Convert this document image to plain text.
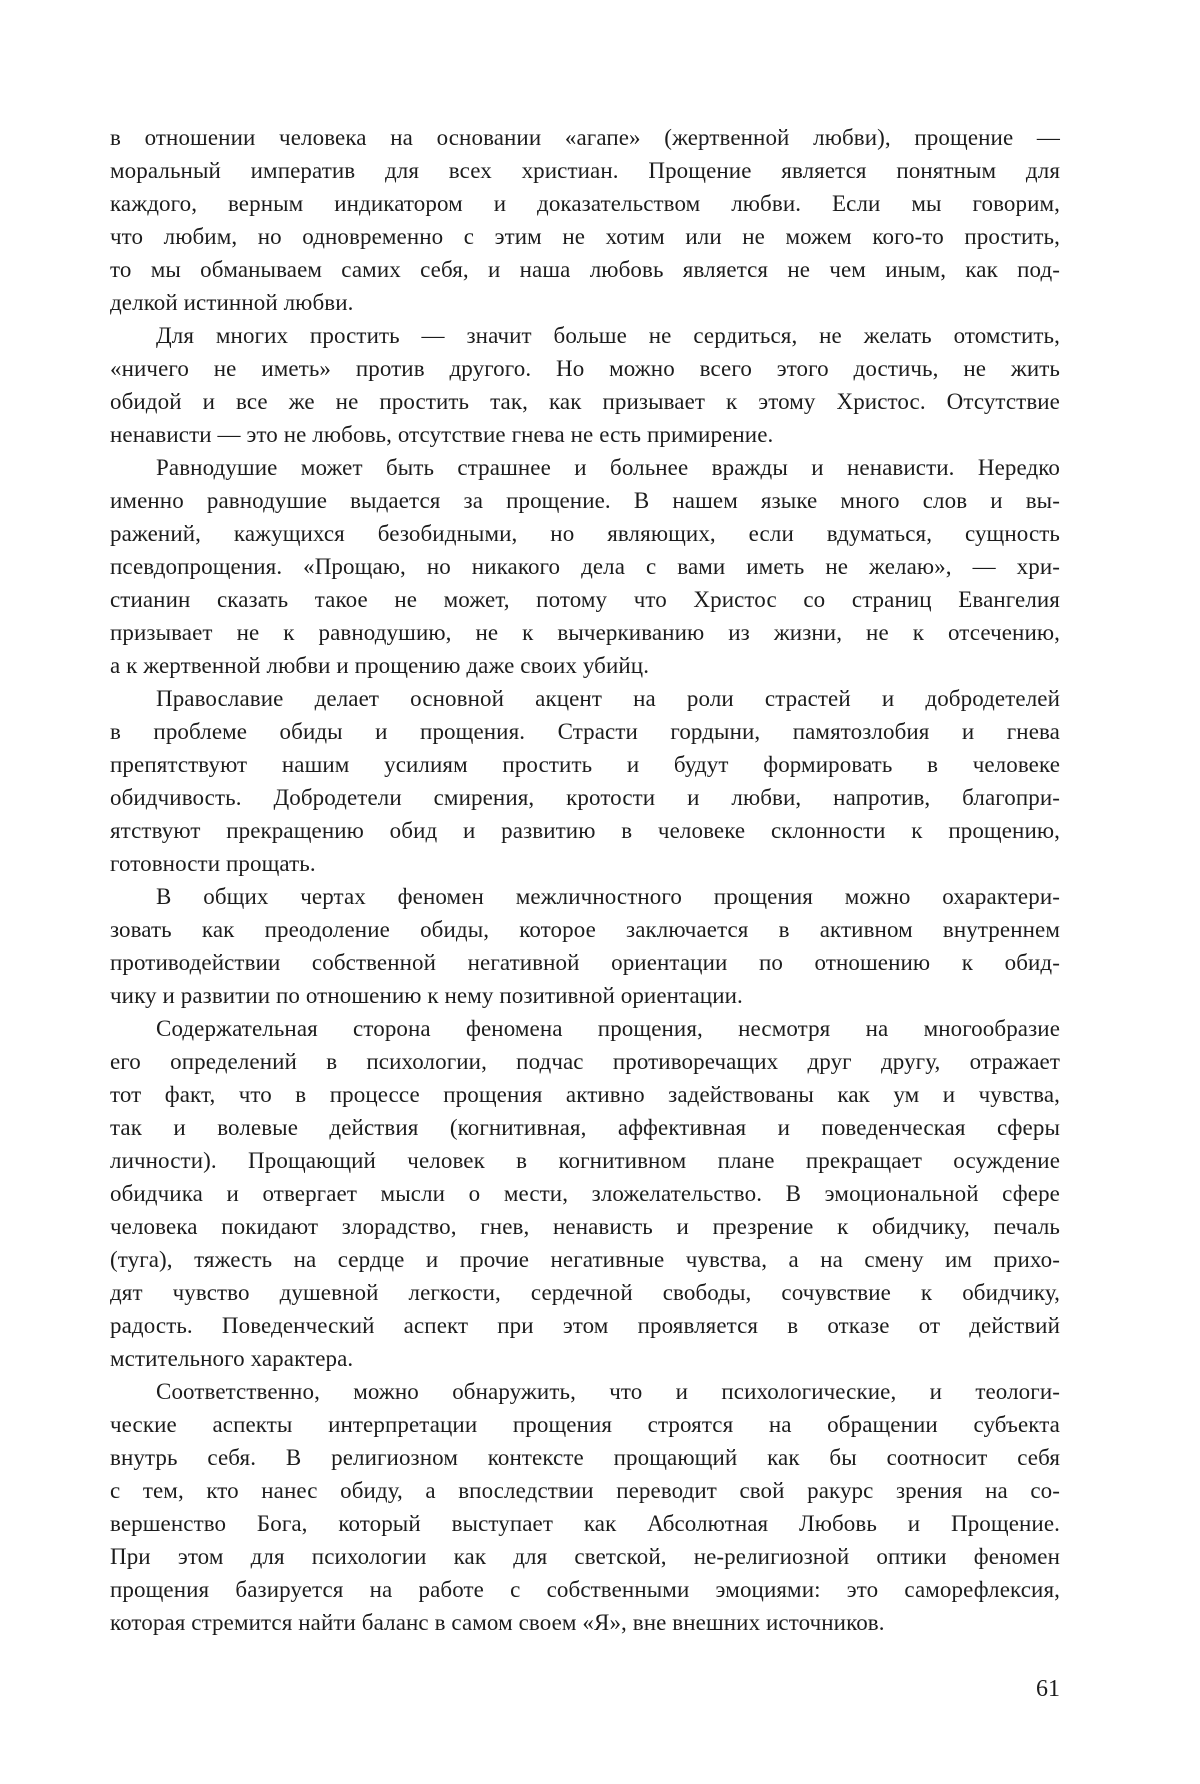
в отношении человека на основании «агапе» (жертвенной любви), прощение —
моральный императив для всех христиан. Прощение является понятным для
каждого, верным индикатором и доказательством любви. Если мы говорим,
что любим, но одновременно с этим не хотим или не можем кого-то простить,
то мы обманываем самих себя, и наша любовь является не чем иным, как под-
делкой истинной любви.

Для многих простить — значит больше не сердиться, не желать отомстить,
«ничего не иметь» против другого. Но можно всего этого достичь, не жить
обидой и все же не простить так, как призывает к этому Христос. Отсутствие
ненависти — это не любовь, отсутствие гнева не есть примирение.

Равнодушие может быть страшнее и больнее вражды и ненависти. Нередко
именно равнодушие выдается за прощение. В нашем языке много слов и вы-
ражений, кажущихся безобидными, но являющих, если вдуматься, сущность
псевдопрощения. «Прощаю, но никакого дела с вами иметь не желаю», — хри-
стианин сказать такое не может, потому что Христос со страниц Евангелия
призывает не к равнодушию, не к вычеркиванию из жизни, не к отсечению,
а к жертвенной любви и прощению даже своих убийц.

Православие делает основной акцент на роли страстей и добродетелей
в проблеме обиды и прощения. Страсти гордыни, памятозлобия и гнева
препятствуют нашим усилиям простить и будут формировать в человеке
обидчивость. Добродетели смирения, кротости и любви, напротив, благопри-
ятствуют прекращению обид и развитию в человеке склонности к прощению,
готовности прощать.

В общих чертах феномен межличностного прощения можно охарактери-
зовать как преодоление обиды, которое заключается в активном внутреннем
противодействии собственной негативной ориентации по отношению к обид-
чику и развитии по отношению к нему позитивной ориентации.

Содержательная сторона феномена прощения, несмотря на многообразие
его определений в психологии, подчас противоречащих друг другу, отражает
тот факт, что в процессе прощения активно задействованы как ум и чувства,
так и волевые действия (когнитивная, аффективная и поведенческая сферы
личности). Прощающий человек в когнитивном плане прекращает осуждение
обидчика и отвергает мысли о мести, зложелательство. В эмоциональной сфере
человека покидают злорадство, гнев, ненависть и презрение к обидчику, печаль
(туга), тяжесть на сердце и прочие негативные чувства, а на смену им прихо-
дят чувство душевной легкости, сердечной свободы, сочувствие к обидчику,
радость. Поведенческий аспект при этом проявляется в отказе от действий
мстительного характера.

Соответственно, можно обнаружить, что и психологические, и теологи-
ческие аспекты интерпретации прощения строятся на обращении субъекта
внутрь себя. В религиозном контексте прощающий как бы соотносит себя
с тем, кто нанес обиду, а впоследствии переводит свой ракурс зрения на со-
вершенство Бога, который выступает как Абсолютная Любовь и Прощение.
При этом для психологии как для светской, не-религиозной оптики феномен
прощения базируется на работе с собственными эмоциями: это саморефлексия,
которая стремится найти баланс в самом своем «Я», вне внешних источников.

61
